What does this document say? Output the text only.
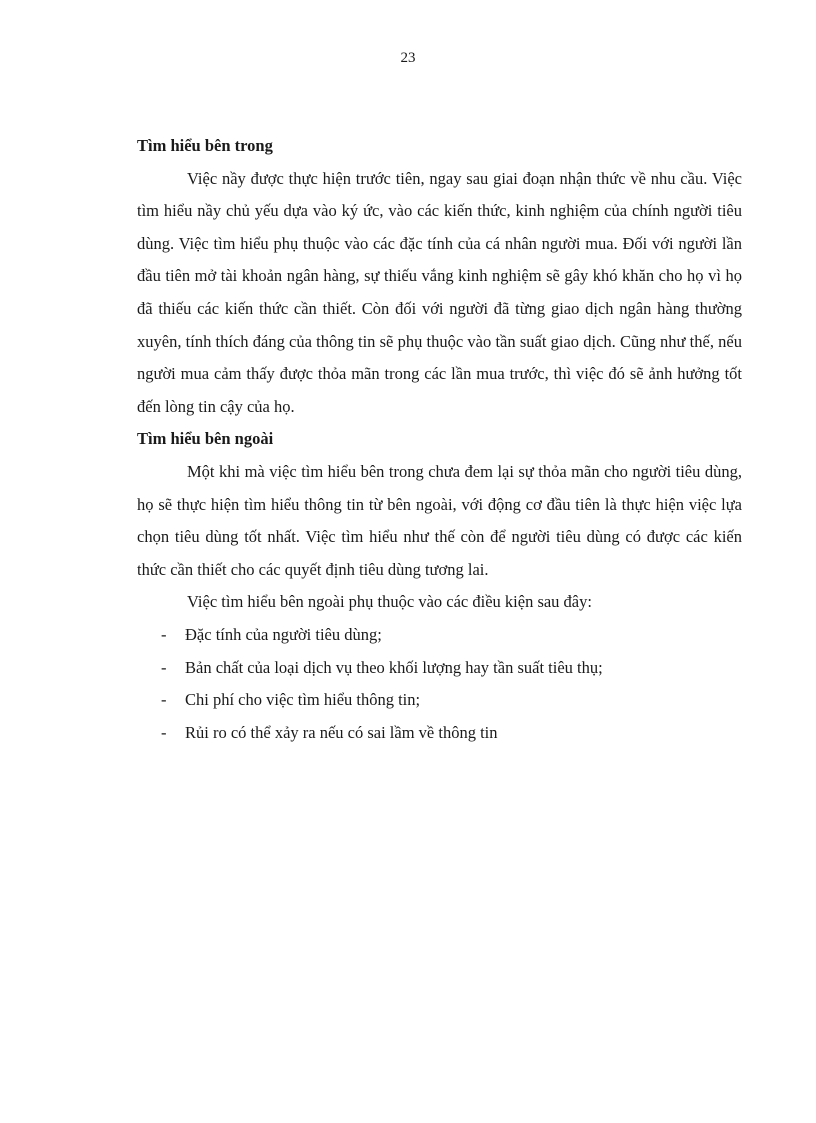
23

Tìm hiểu bên trong

Việc nầy được thực hiện trước tiên, ngay sau giai đoạn nhận thức về nhu cầu. Việc tìm hiểu nầy chủ yếu dựa vào ký ức, vào các kiến thức, kinh nghiệm của chính người tiêu dùng. Việc tìm hiểu phụ thuộc vào các đặc tính của cá nhân người mua. Đối với người lần đầu tiên mở tài khoản ngân hàng, sự thiếu vắng kinh nghiệm sẽ gây khó khăn cho họ vì họ đã thiếu các kiến thức cần thiết. Còn đối với người đã từng giao dịch ngân hàng thường xuyên, tính thích đáng của thông tin sẽ phụ thuộc vào tần suất giao dịch. Cũng như thế, nếu người mua cảm thấy được thỏa mãn trong các lần mua trước, thì việc đó sẽ ảnh hưởng tốt đến lòng tin cậy của họ.

Tìm hiểu bên ngoài

Một khi mà việc tìm hiểu bên trong chưa đem lại sự thỏa mãn cho người tiêu dùng, họ sẽ thực hiện tìm hiểu thông tin từ bên ngoài, với động cơ đầu tiên là thực hiện việc lựa chọn tiêu dùng tốt nhất. Việc tìm hiểu như thế còn để người tiêu dùng có được các kiến thức cần thiết cho các quyết định tiêu dùng tương lai.

Việc tìm hiểu bên ngoài phụ thuộc vào các điều kiện sau đây:

- Đặc tính của người tiêu dùng;
- Bản chất của loại dịch vụ theo khối lượng hay tần suất tiêu thụ;
- Chi phí cho việc tìm hiểu thông tin;
- Rủi ro có thể xảy ra nếu có sai lầm về thông tin
